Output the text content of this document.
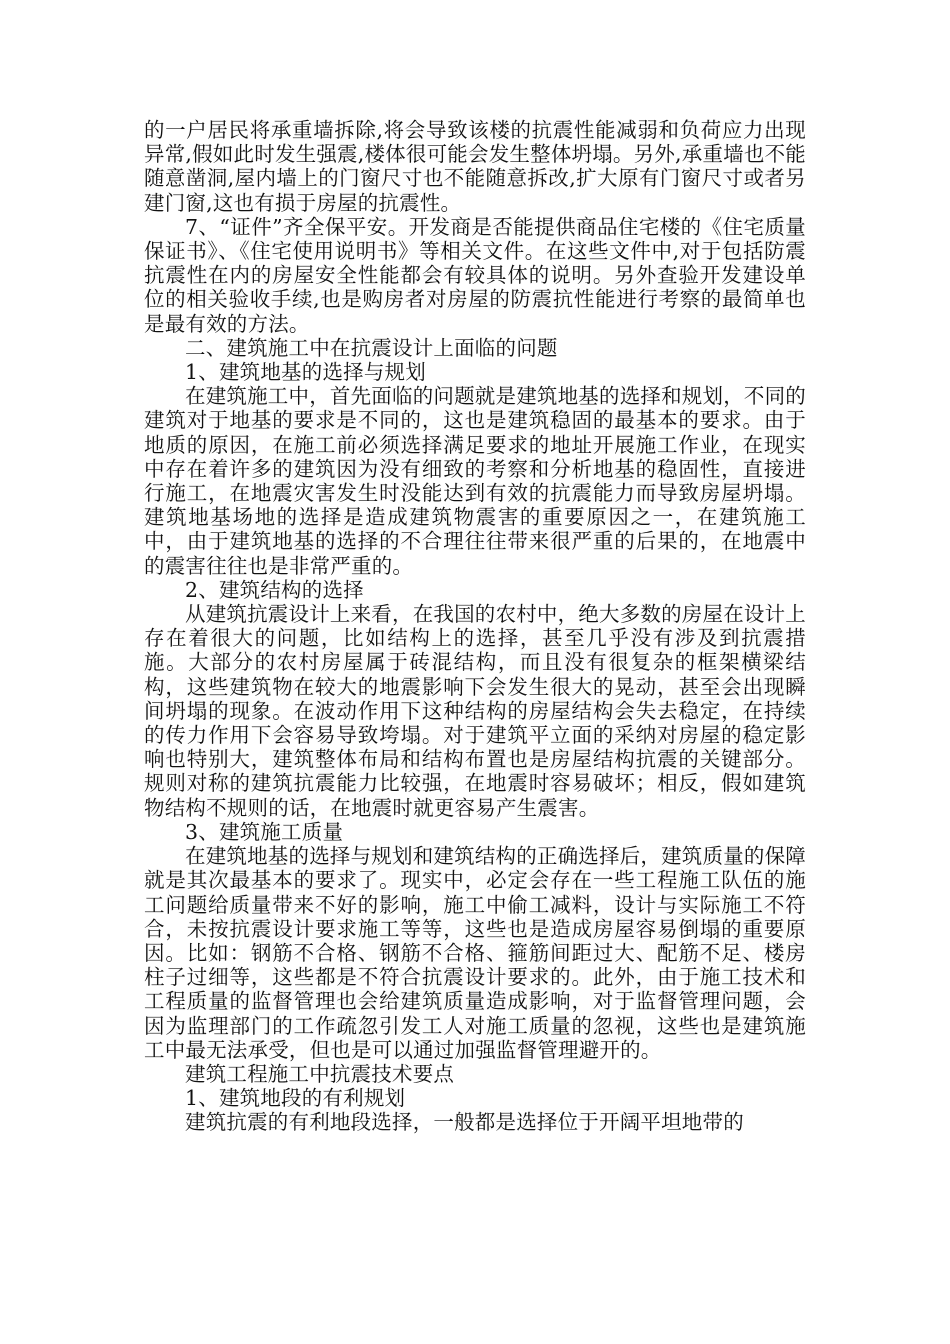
的一户居民将承重墙拆除,将会导致该楼的抗震性能减弱和负荷应力出现异常,假如此时发生强震,楼体很可能会发生整体坍塌。另外,承重墙也不能随意凿洞,屋内墙上的门窗尺寸也不能随意拆改,扩大原有门窗尺寸或者另建门窗,这也有损于房屋的抗震性。

7、“证件”齐全保平安。开发商是否能提供商品住宅楼的《住宅质量保证书》、《住宅使用说明书》等相关文件。在这些文件中,对于包括防震抗震性在内的房屋安全性能都会有较具体的说明。另外查验开发建设单位的相关验收手续,也是购房者对房屋的防震抗性能进行考察的最简单也是最有效的方法。

二、建筑施工中在抗震设计上面临的问题

1、建筑地基的选择与规划

在建筑施工中，首先面临的问题就是建筑地基的选择和规划，不同的建筑对于地基的要求是不同的，这也是建筑稳固的最基本的要求。由于地质的原因，在施工前必须选择满足要求的地址开展施工作业，在现实中存在着许多的建筑因为没有细致的考察和分析地基的稳固性，直接进行施工，在地震灾害发生时没能达到有效的抗震能力而导致房屋坍塌。建筑地基场地的选择是造成建筑物震害的重要原因之一，在建筑施工中，由于建筑地基的选择的不合理往往带来很严重的后果的，在地震中的震害往往也是非常严重的。

2、建筑结构的选择

从建筑抗震设计上来看，在我国的农村中，绝大多数的房屋在设计上存在着很大的问题，比如结构上的选择，甚至几乎没有涉及到抗震措施。大部分的农村房屋属于砖混结构，而且没有很复杂的框架横梁结构，这些建筑物在较大的地震影响下会发生很大的晃动，甚至会出现瞬间坍塌的现象。在波动作用下这种结构的房屋结构会失去稳定，在持续的传力作用下会容易导致垮塌。对于建筑平立面的采纳对房屋的稳定影响也特别大，建筑整体布局和结构布置也是房屋结构抗震的关键部分。规则对称的建筑抗震能力比较强，在地震时容易破坏；相反，假如建筑物结构不规则的话，在地震时就更容易产生震害。

3、建筑施工质量

在建筑地基的选择与规划和建筑结构的正确选择后，建筑质量的保障就是其次最基本的要求了。现实中，必定会存在一些工程施工队伍的施工问题给质量带来不好的影响，施工中偷工减料，设计与实际施工不符合，未按抗震设计要求施工等等，这些也是造成房屋容易倒塌的重要原因。比如：钢筋不合格、钢筋不合格、箍筋间距过大、配筋不足、楼房柱子过细等，这些都是不符合抗震设计要求的。此外，由于施工技术和工程质量的监督管理也会给建筑质量造成影响，对于监督管理问题，会因为监理部门的工作疏忽引发工人对施工质量的忽视，这些也是建筑施工中最无法承受，但也是可以通过加强监督管理避开的。

建筑工程施工中抗震技术要点

1、建筑地段的有利规划

建筑抗震的有利地段选择，一般都是选择位于开阔平坦地带的
